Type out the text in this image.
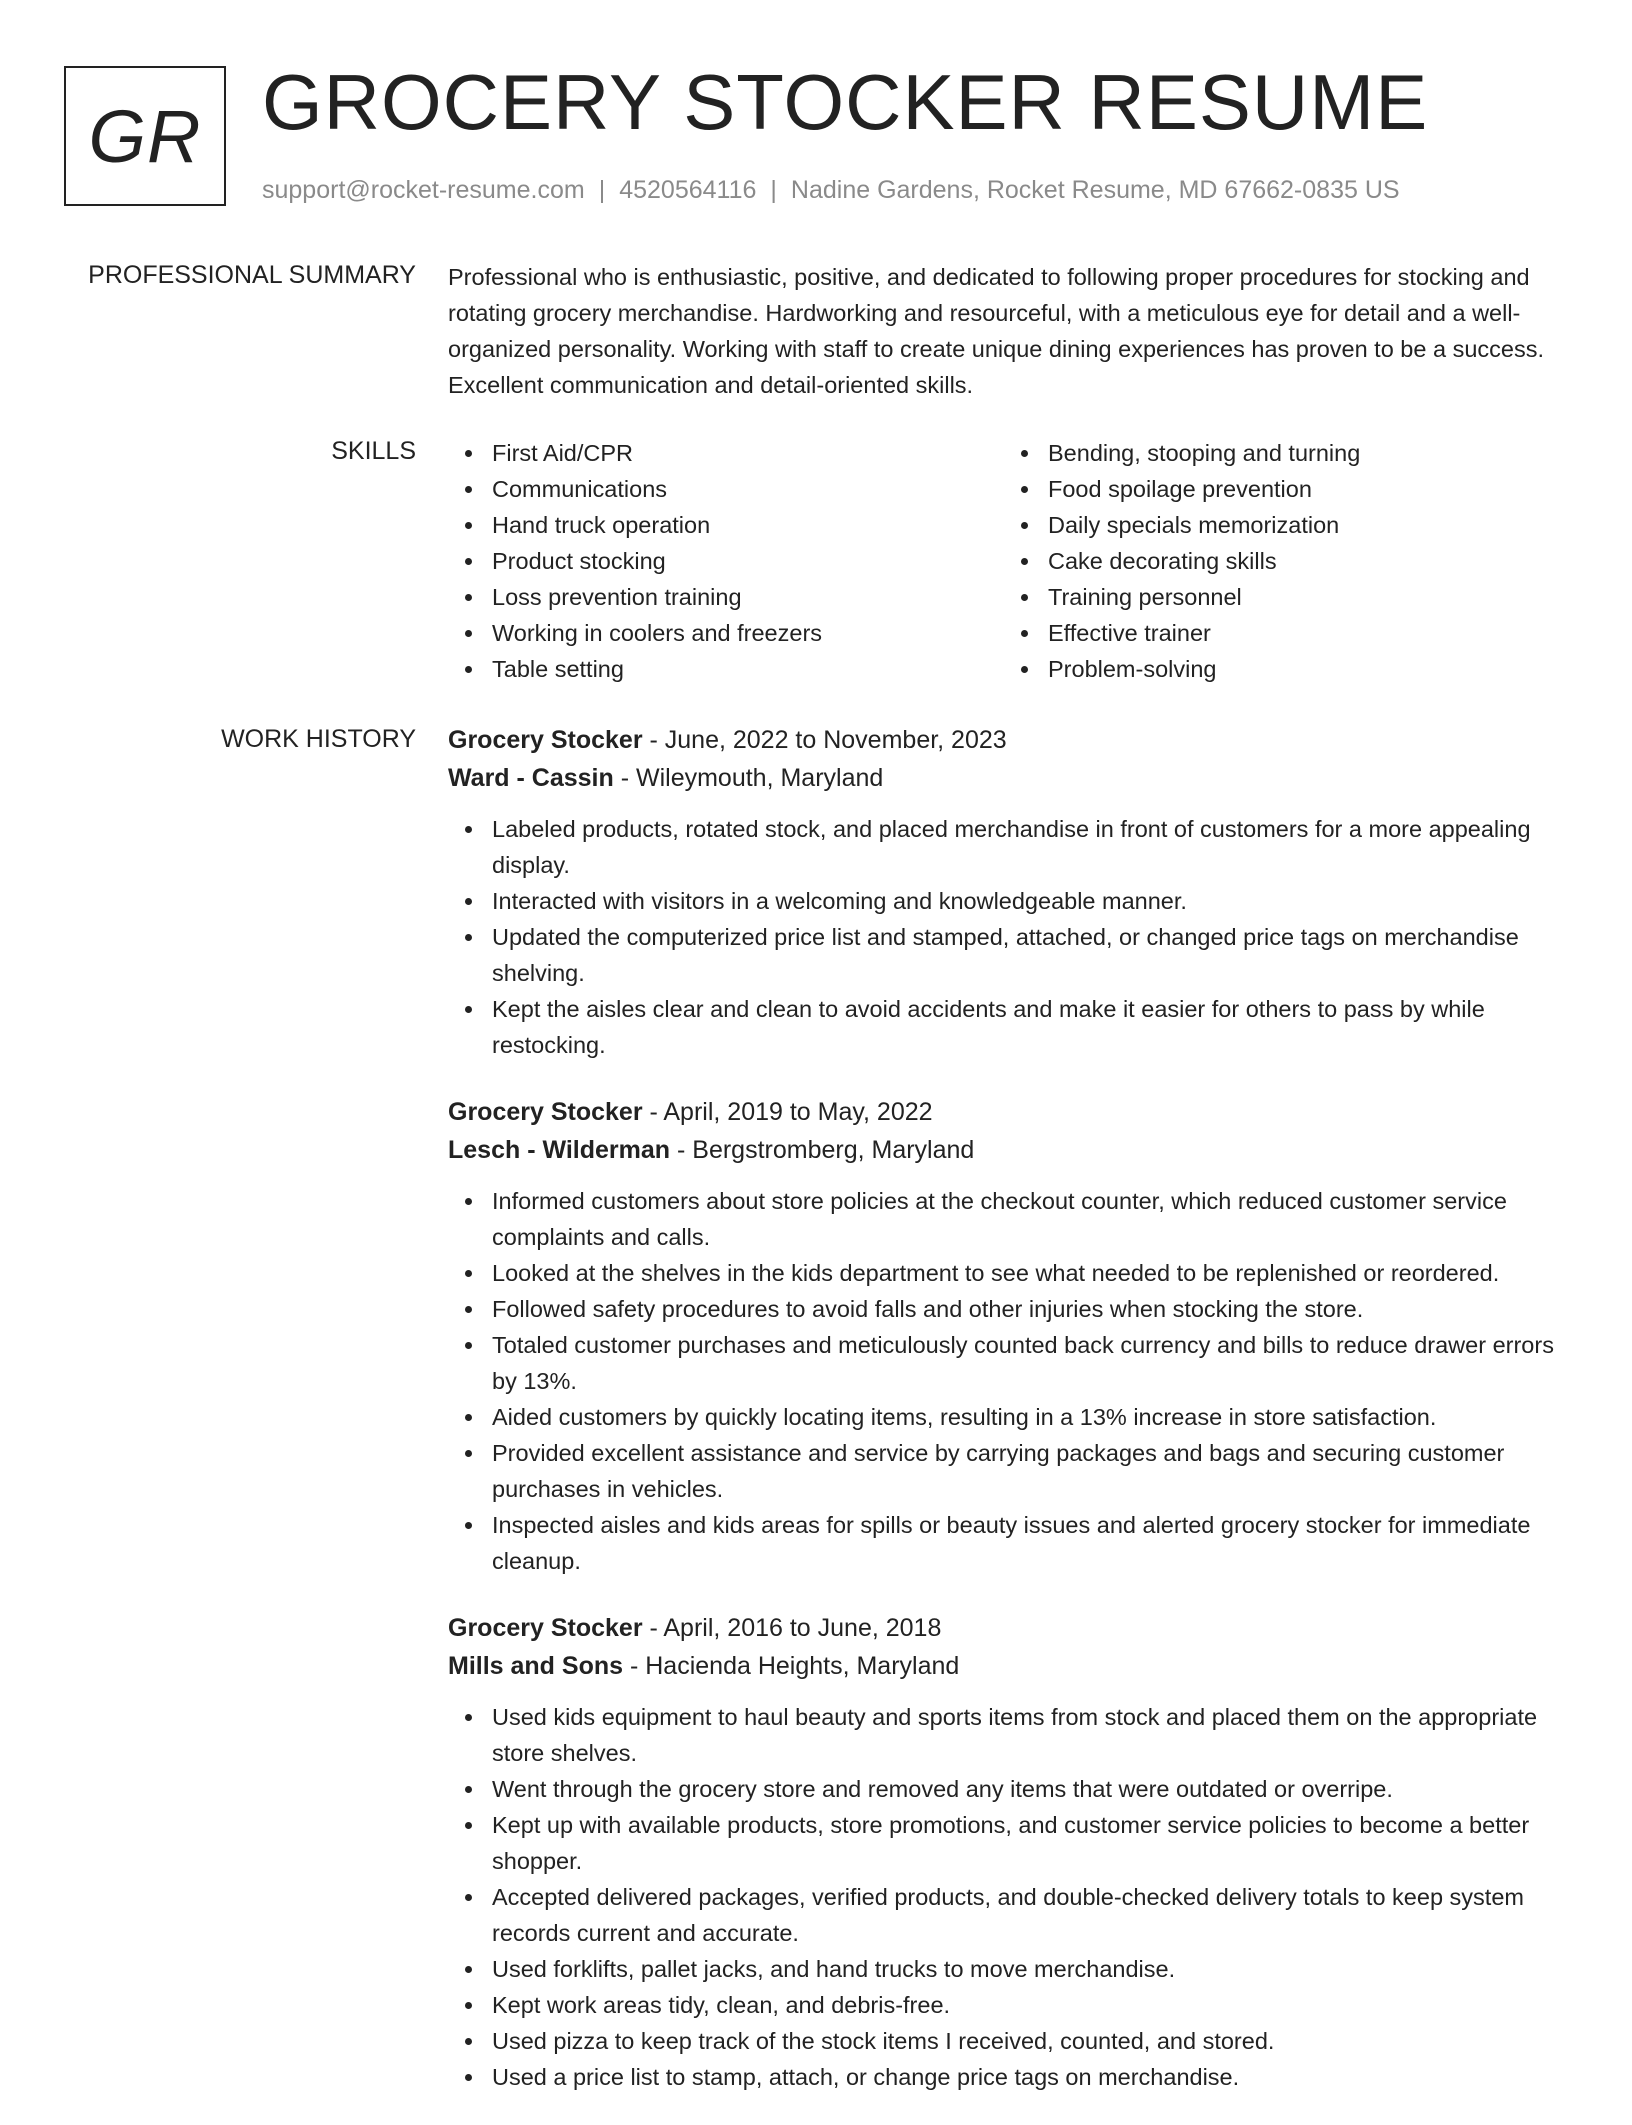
GR GROCERY STOCKER RESUME
support@rocket-resume.com | 4520564116 | Nadine Gardens, Rocket Resume, MD 67662-0835 US
PROFESSIONAL SUMMARY Professional who is enthusiastic, positive, and dedicated to following proper procedures for stocking and rotating grocery merchandise. Hardworking and resourceful, with a meticulous eye for detail and a well-organized personality. Working with staff to create unique dining experiences has proven to be a success. Excellent communication and detail-oriented skills.

SKILLS	First Aid/CPR
Communications
Hand truck operation
Product stocking
Loss prevention training
Working in coolers and freezers
Table setting
Bending, stooping and turning
Food spoilage prevention
Daily specials memorization
Cake decorating skills
Training personnel
Effective trainer
Problem-solving
WORK HISTORY Grocery Stocker - June, 2022 to November, 2023
Ward - Cassin - Wileymouth, Maryland
Labeled products, rotated stock, and placed merchandise in front of customers for a more appealing display.
Interacted with visitors in a welcoming and knowledgeable manner.
Updated the computerized price list and stamped, attached, or changed price tags on merchandise shelving.
Kept the aisles clear and clean to avoid accidents and make it easier for others to pass by while restocking.
Grocery Stocker - April, 2019 to May, 2022
Lesch - Wilderman - Bergstromberg, Maryland
Informed customers about store policies at the checkout counter, which reduced customer service complaints and calls.
Looked at the shelves in the kids department to see what needed to be replenished or reordered.
Followed safety procedures to avoid falls and other injuries when stocking the store.
Totaled customer purchases and meticulously counted back currency and bills to reduce drawer errors by 13%.
Aided customers by quickly locating items, resulting in a 13% increase in store satisfaction.
Provided excellent assistance and service by carrying packages and bags and securing customer purchases in vehicles.
Inspected aisles and kids areas for spills or beauty issues and alerted grocery stocker for immediate cleanup.
Grocery Stocker - April, 2016 to June, 2018
Mills and Sons - Hacienda Heights, Maryland
Used kids equipment to haul beauty and sports items from stock and placed them on the appropriate store shelves.
Went through the grocery store and removed any items that were outdated or overripe.
Kept up with available products, store promotions, and customer service policies to become a better shopper.
Accepted delivered packages, verified products, and double-checked delivery totals to keep system records current and accurate.
Used forklifts, pallet jacks, and hand trucks to move merchandise.
Kept work areas tidy, clean, and debris-free.
Used pizza to keep track of the stock items I received, counted, and stored.
Used a price list to stamp, attach, or change price tags on merchandise.
